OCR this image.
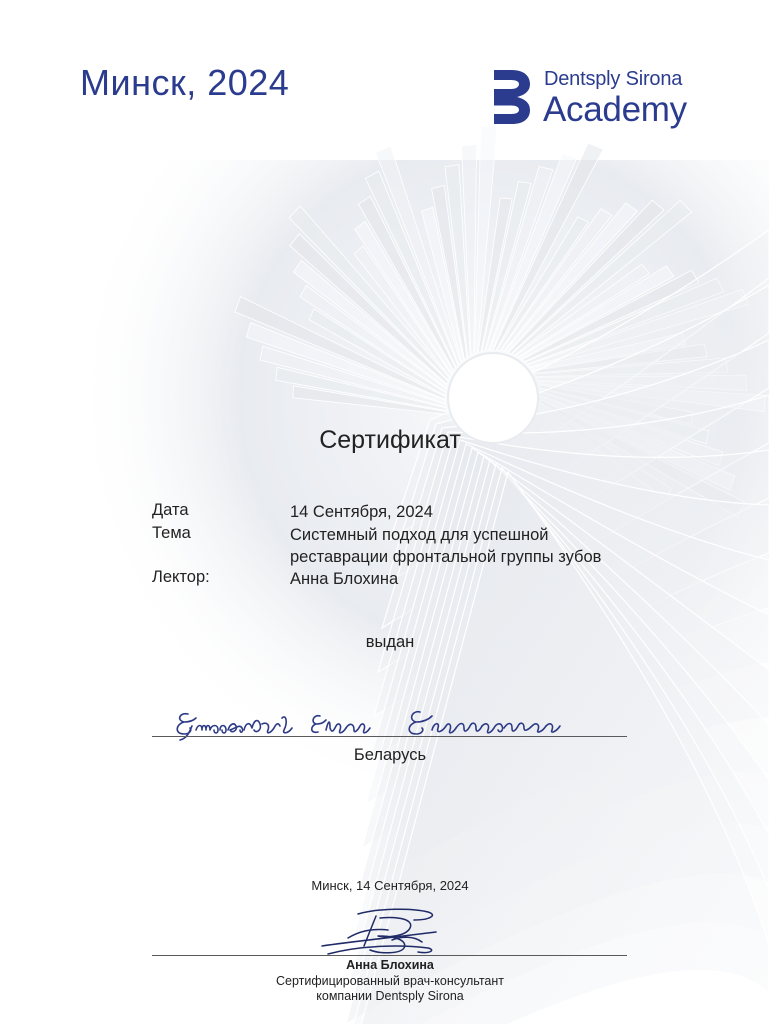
Минск, 2024	Dentsply Sirona
Academy
Сертификат
Дата	14 Сентября, 2024
Тема	Системный подход для успешной
реставрации фронтальной группы зубов
Лектор:	Анна Блохина
выдан
Беларусь
Минск, 14 Сентября, 2024
Анна Блохина
Сертифицированный врач-консультант
компании Dentsply Sirona
